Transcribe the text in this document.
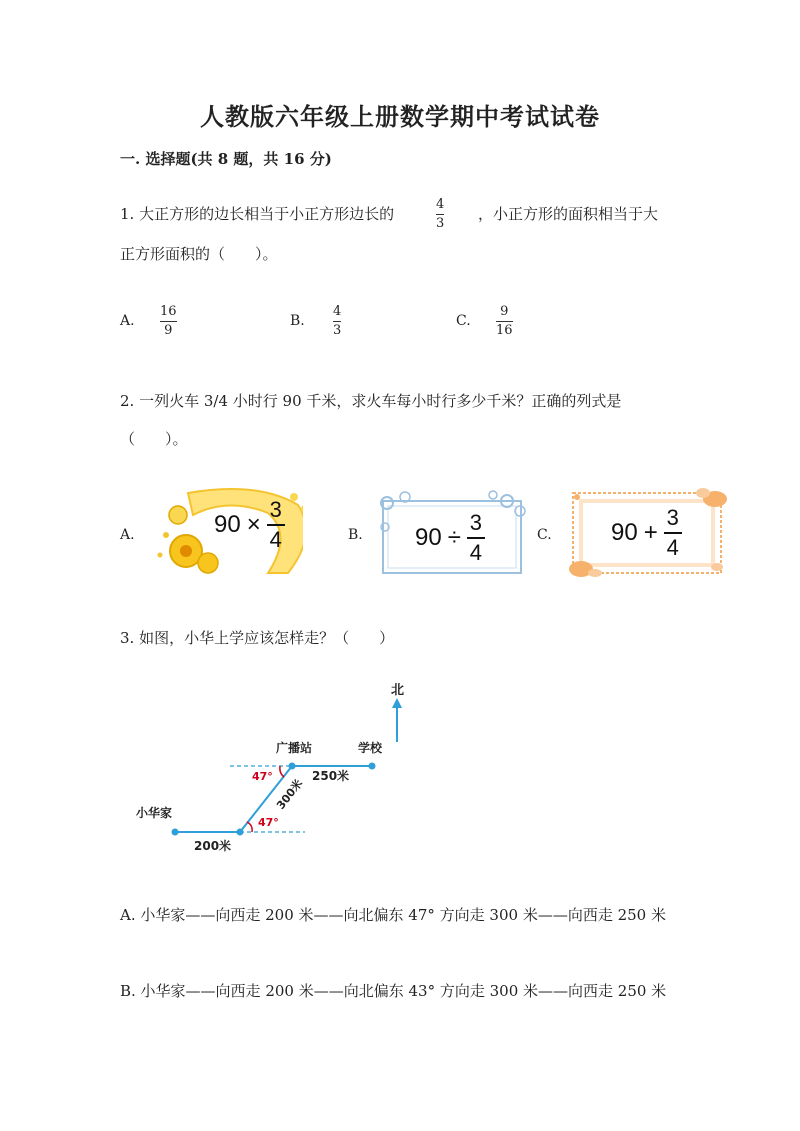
人教版六年级上册数学期中考试试卷
一. 选择题(共 8 题，共 16 分)
1. 大正方形的边长相当于小正方形边长的
4
3
，小正方形的面积相当于大
正方形面积的（　　）。
A.
16
9
B.
4
3
C.
9
16
2. 一列火车 3/4 小时行 90 千米，求火车每小时行多少千米？正确的列式是
（　　）。
A.	$90 \times \frac{3}{4}$	B. $90 \div \frac{3}{4}$	C. $90 + \frac{3}{4}$
3. 如图，小华上学应该怎样走？（　　）
北
广播站	学校
小华家
47°
47°
200米
300米
250米
A. 小华家——向西走 200 米——向北偏东 47° 方向走 300 米——向西走 250 米
B. 小华家——向西走 200 米——向北偏东 43° 方向走 300 米——向西走 250 米
